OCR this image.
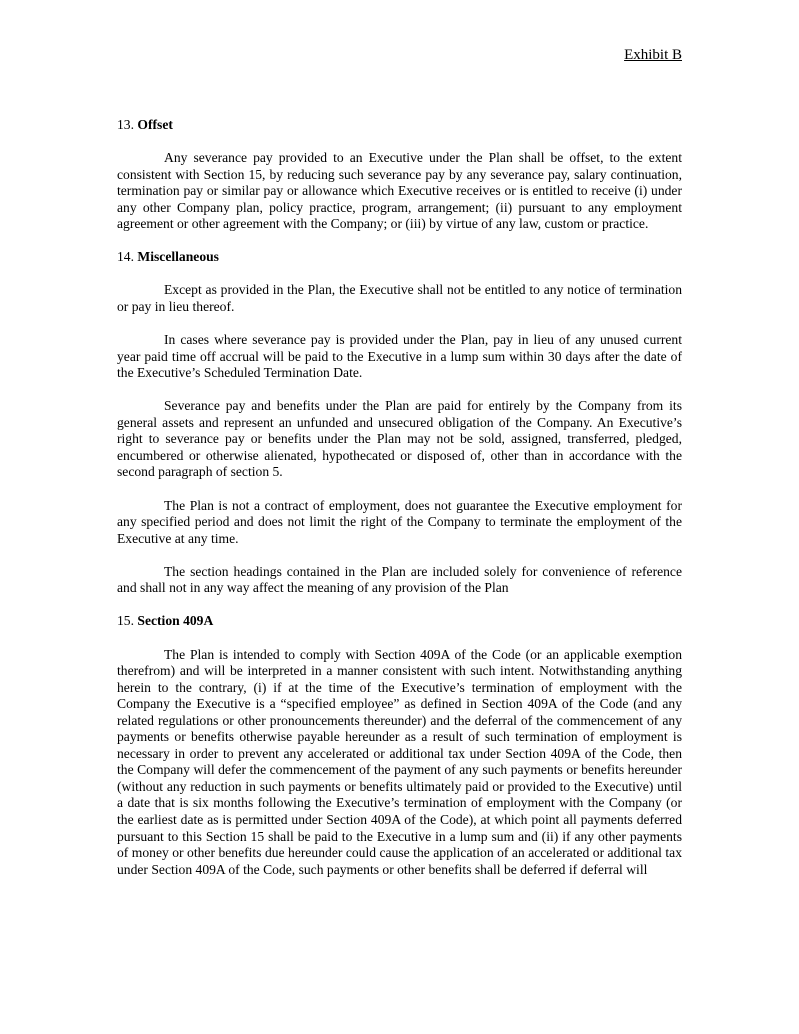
Exhibit B
13. Offset

Any severance pay provided to an Executive under the Plan shall be offset, to the extent consistent with Section 15, by reducing such severance pay by any severance pay, salary continuation, termination pay or similar pay or allowance which Executive receives or is entitled to receive (i) under any other Company plan, policy practice, program, arrangement; (ii) pursuant to any employment agreement or other agreement with the Company; or (iii) by virtue of any law, custom or practice.

14. Miscellaneous

Except as provided in the Plan, the Executive shall not be entitled to any notice of termination or pay in lieu thereof.

In cases where severance pay is provided under the Plan, pay in lieu of any unused current year paid time off accrual will be paid to the Executive in a lump sum within 30 days after the date of the Executive’s Scheduled Termination Date.

Severance pay and benefits under the Plan are paid for entirely by the Company from its general assets and represent an unfunded and unsecured obligation of the Company. An Executive’s right to severance pay or benefits under the Plan may not be sold, assigned, transferred, pledged, encumbered or otherwise alienated, hypothecated or disposed of, other than in accordance with the second paragraph of section 5.

The Plan is not a contract of employment, does not guarantee the Executive employment for any specified period and does not limit the right of the Company to terminate the employment of the Executive at any time.

The section headings contained in the Plan are included solely for convenience of reference and shall not in any way affect the meaning of any provision of the Plan

15. Section 409A

The Plan is intended to comply with Section 409A of the Code (or an applicable exemption therefrom) and will be interpreted in a manner consistent with such intent. Notwithstanding anything herein to the contrary, (i) if at the time of the Executive’s termination of employment with the Company the Executive is a “specified employee” as defined in Section 409A of the Code (and any related regulations or other pronouncements thereunder) and the deferral of the commencement of any payments or benefits otherwise payable hereunder as a result of such termination of employment is necessary in order to prevent any accelerated or additional tax under Section 409A of the Code, then the Company will defer the commencement of the payment of any such payments or benefits hereunder (without any reduction in such payments or benefits ultimately paid or provided to the Executive) until a date that is six months following the Executive’s termination of employment with the Company (or the earliest date as is permitted under Section 409A of the Code), at which point all payments deferred pursuant to this Section 15 shall be paid to the Executive in a lump sum and (ii) if any other payments of money or other benefits due hereunder could cause the application of an accelerated or additional tax under Section 409A of the Code, such payments or other benefits shall be deferred if deferral will
